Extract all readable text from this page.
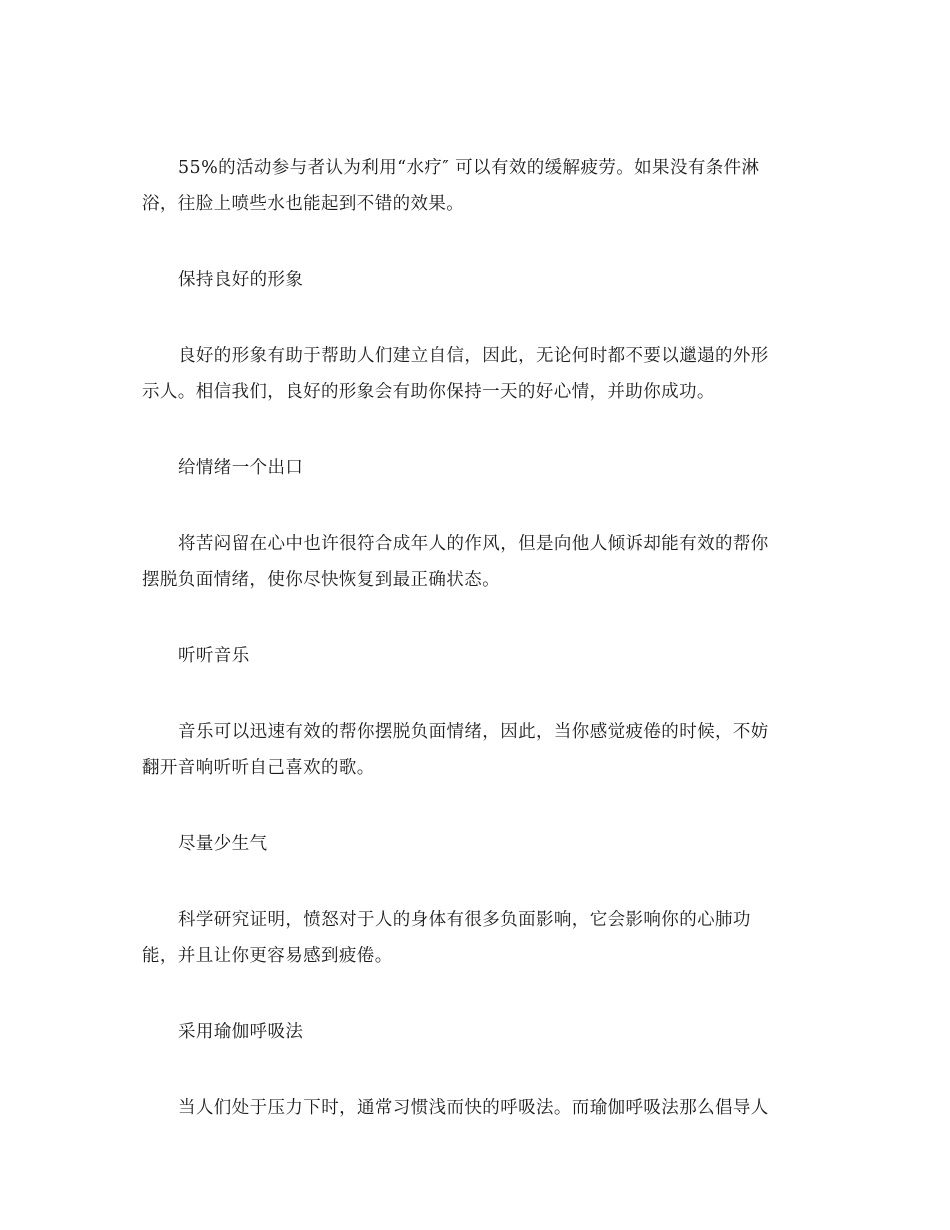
55%的活动参与者认为利用“水疗″ 可以有效的缓解疲劳。如果没有条件淋
浴，往脸上喷些水也能起到不错的效果。

保持良好的形象

良好的形象有助于帮助人们建立自信，因此，无论何时都不要以邋遢的外形
示人。相信我们，良好的形象会有助你保持一天的好心情，并助你成功。

给情绪一个出口

将苦闷留在心中也许很符合成年人的作风，但是向他人倾诉却能有效的帮你
摆脱负面情绪，使你尽快恢复到最正确状态。

听听音乐

音乐可以迅速有效的帮你摆脱负面情绪，因此，当你感觉疲倦的时候，不妨
翻开音响听听自己喜欢的歌。

尽量少生气

科学研究证明，愤怒对于人的身体有很多负面影响，它会影响你的心肺功
能，并且让你更容易感到疲倦。

采用瑜伽呼吸法

当人们处于压力下时，通常习惯浅而快的呼吸法。而瑜伽呼吸法那么倡导人
